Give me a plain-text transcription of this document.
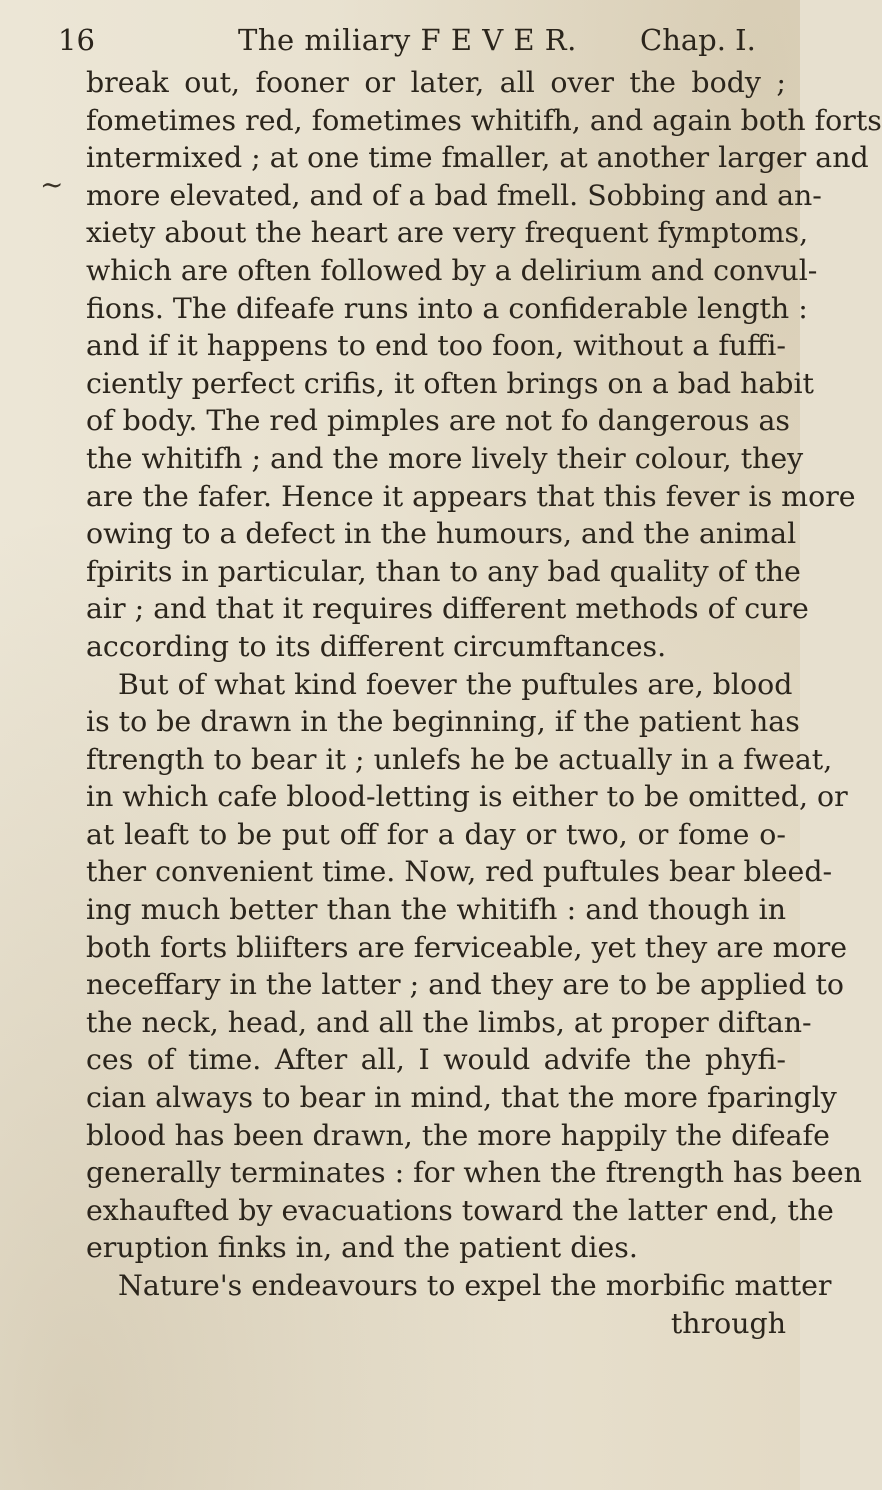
16	The miliary F E V E R. Chap. I.
~
break out, fooner or later, all over the body ;
fometimes red, fometimes whitifh, and again both forts
intermixed ; at one time fmaller, at another larger and
more elevated, and of a bad fmell. Sobbing and an-
xiety about the heart are very frequent fymptoms,
which are often followed by a delirium and convul-
fions. The difeafe runs into a confiderable length :
and if it happens to end too foon, without a fuffi-
ciently perfect crifis, it often brings on a bad habit
of body. The red pimples are not fo dangerous as
the whitifh ; and the more lively their colour, they
are the fafer. Hence it appears that this fever is more
owing to a defect in the humours, and the animal
fpirits in particular, than to any bad quality of the
air ; and that it requires different methods of cure
according to its different circumftances.
But of what kind foever the puftules are, blood
is to be drawn in the beginning, if the patient has
ftrength to bear it ; unlefs he be actually in a fweat,
in which cafe blood-letting is either to be omitted, or
at leaft to be put off for a day or two, or fome o-
ther convenient time. Now, red puftules bear bleed-
ing much better than the whitifh : and though in
both forts bliifters are ferviceable, yet they are more
neceffary in the latter ; and they are to be applied to
the neck, head, and all the limbs, at proper diftan-
ces of time. After all, I would advife the phyfi-
cian always to bear in mind, that the more fparingly
blood has been drawn, the more happily the difeafe
generally terminates : for when the ftrength has been
exhaufted by evacuations toward the latter end, the
eruption finks in, and the patient dies.
Nature's endeavours to expel the morbific matter
through
